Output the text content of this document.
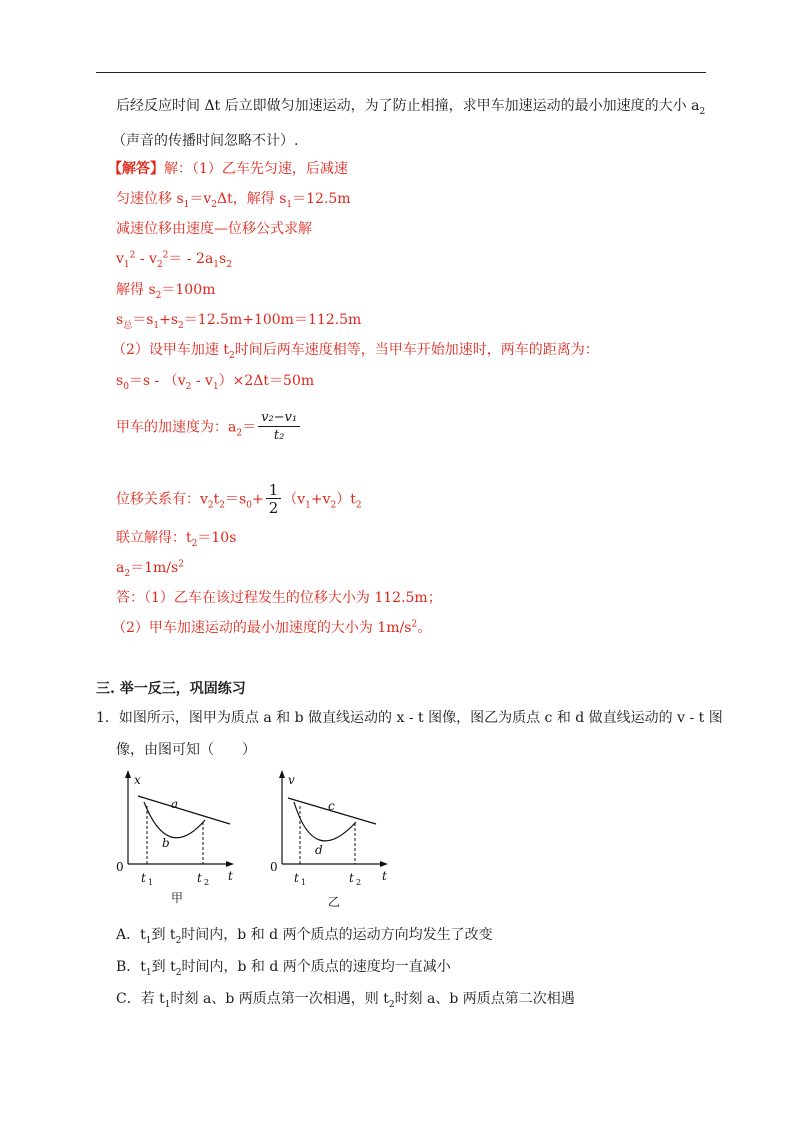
后经反应时间 Δt 后立即做匀加速运动，为了防止相撞，求甲车加速运动的最小加速度的大小 $a_2$
（声音的传播时间忽略不计）.
【解答】解：（1）乙车先匀速，后减速
匀速位移 $s_1=v_2\Delta t$，解得 $s_1=12.5m$
减速位移由速度—位移公式求解
$v_1^2 - v_2^2= - 2a_1s_2$
解得 $s_2=100m$
$s_总=s_1+s_2=12.5m+100m=112.5m$
（2）设甲车加速 $t_2$时间后两车速度相等，当甲车开始加速时，两车的距离为：
$s_0=s - (v_2 - v_1)\times 2\Delta t=50m$
甲车的加速度为：$a_2= \frac{\text{v₂−v₁}}{\text{t₂}}$
位移关系有：$v_2t_2=s_0+ \frac{1}{2} (v_1+v_2)t_2$
联立解得：$t_2=10s$
$a_2=1m/s^2$
答：（1）乙车在该过程发生的位移大小为 112.5m；
（2）甲车加速运动的最小加速度的大小为 $1m/s^2$。
三. 举一反三，巩固练习
1．如图所示，图甲为质点 a 和 b 做直线运动的 x - t 图像，图乙为质点 c 和 d 做直线运动的 v - t 图
像，由图可知（　　）
x
t
0
t 1	t 2
a
b
甲
v
t
0
t 1	t 2
c
d
乙
A．$t_1$到 $t_2$时间内，b 和 d 两个质点的运动方向均发生了改变
B．$t_1$到 $t_2$时间内，b 和 d 两个质点的速度均一直减小
C．若 $t_1$时刻 a、b 两质点第一次相遇，则 $t_2$时刻 a、b 两质点第二次相遇
